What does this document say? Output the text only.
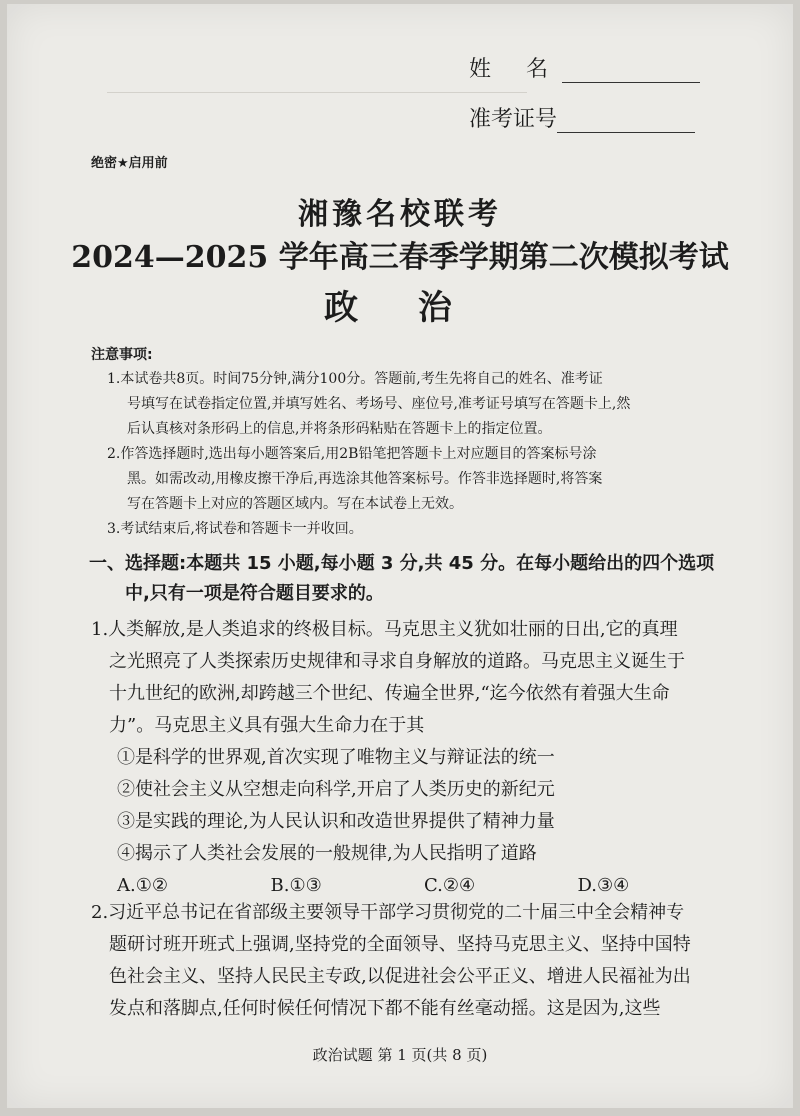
姓 名
准考证号
绝密★启用前
湘豫名校联考
2024—2025 学年高三春季学期第二次模拟考试
政 治
注意事项:

1.本试卷共8页。时间75分钟,满分100分。答题前,考生先将自己的姓名、准考证

号填写在试卷指定位置,并填写姓名、考场号、座位号,准考证号填写在答题卡上,然

后认真核对条形码上的信息,并将条形码粘贴在答题卡上的指定位置。

2.作答选择题时,选出每小题答案后,用2B铅笔把答题卡上对应题目的答案标号涂

黑。如需改动,用橡皮擦干净后,再选涂其他答案标号。作答非选择题时,将答案

写在答题卡上对应的答题区域内。写在本试卷上无效。

3.考试结束后,将试卷和答题卡一并收回。

一、选择题:本题共 15 小题,每小题 3 分,共 45 分。在每小题给出的四个选项
中,只有一项是符合题目要求的。

1.人类解放,是人类追求的终极目标。马克思主义犹如壮丽的日出,它的真理

之光照亮了人类探索历史规律和寻求自身解放的道路。马克思主义诞生于

十九世纪的欧洲,却跨越三个世纪、传遍全世界,“迄今依然有着强大生命

力”。马克思主义具有强大生命力在于其

①是科学的世界观,首次实现了唯物主义与辩证法的统一

②使社会主义从空想走向科学,开启了人类历史的新纪元

③是实践的理论,为人民认识和改造世界提供了精神力量

④揭示了人类社会发展的一般规律,为人民指明了道路

A.①②	B.①③	C.②④	D.③④

2.习近平总书记在省部级主要领导干部学习贯彻党的二十届三中全会精神专

题研讨班开班式上强调,坚持党的全面领导、坚持马克思主义、坚持中国特

色社会主义、坚持人民民主专政,以促进社会公平正义、增进人民福祉为出

发点和落脚点,任何时候任何情况下都不能有丝毫动摇。这是因为,这些

政治试题 第 1 页(共 8 页)
